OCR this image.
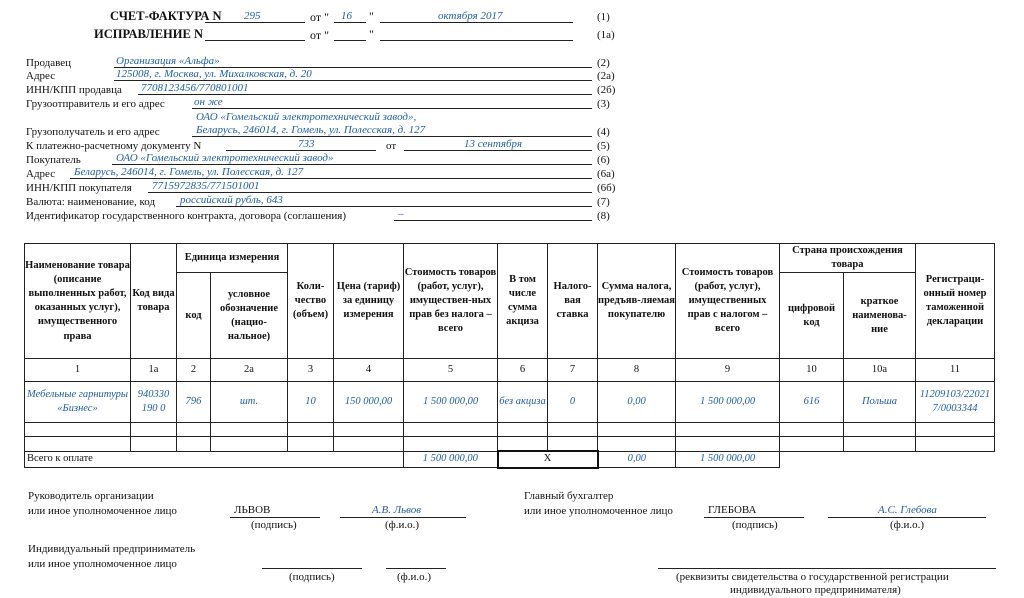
СЧЕТ-ФАКТУРА N 295	от " 16 "	октября 2017	(1)
ИСПРАВЛЕНИЕ N	от "	"	(1а)
Продавец	Организация «Альфа»	(2)
Адрес	125008, г. Москва, ул. Михалковская, д. 20	(2а)
ИНН/КПП продавца 7708123456/770801001	(2б)
Грузоотправитель и его адрес	он же	(3)
ОАО «Гомельский электротехнический завод»,
Грузополучатель и его адрес	Беларусь, 246014, г. Гомель, ул. Полесская, д. 127	(4)
К платежно-расчетному документу N	733	от	13 сентября	(5)
Покупатель	ОАО «Гомельский электротехнический завод»	(6)
Адрес Беларусь, 246014, г. Гомель, ул. Полесская, д. 127	(6а)
ИНН/КПП покупателя 7715972835/771501001	(6б)
Валюта: наименование, код российский рубль, 643	(7)
Идентификатор государственного контракта, договора (соглашения)	–	(8)
Наименование товара (описание выполненных работ, оказанных услуг), имущественного права	Код вида товара	Единица измерения		Коли-чество (объем)	Цена (тариф) за единицу измерения	Стоимость товаров (работ, услуг), имуществен-ных прав без налога – всего	В том числе сумма акциза	Налого-вая ставка	Сумма налога, предъяв-ляемая покупателю	Стоимость товаров (работ, услуг), имущественных прав с налогом – всего	Страна происхождения товара		Регистраци-онный номер таможенной декларации
		код	условное обозначение (нацио-нальное)								цифровой код	краткое наименова-ние	
1	1а	2	2а	3	4	5	6	7	8	9	10	10а	11
Мебельные гарнитуры «Бизнес»	940330 190 0	796	шт.	10	150 000,00	1 500 000,00	без акциза	0	0,00	1 500 000,00	616	Польша	11209103/220217/0003344

Всего к оплате						1 500 000,00	X		0,00	1 500 000,00			
Руководитель организации
или иное уполномоченное лицо	ЛЬВОВ
(подпись)
А.В. Львов
(ф.и.о.)
Главный бухгалтер
или иное уполномоченное лицо	ГЛЕБОВА
(подпись)
А.С. Глебова
(ф.и.о.)
Индивидуальный предприниматель
или иное уполномоченное лицо
(подпись)	(ф.и.о.)	(реквизиты свидетельства о государственной регистрации
индивидуального предпринимателя)
